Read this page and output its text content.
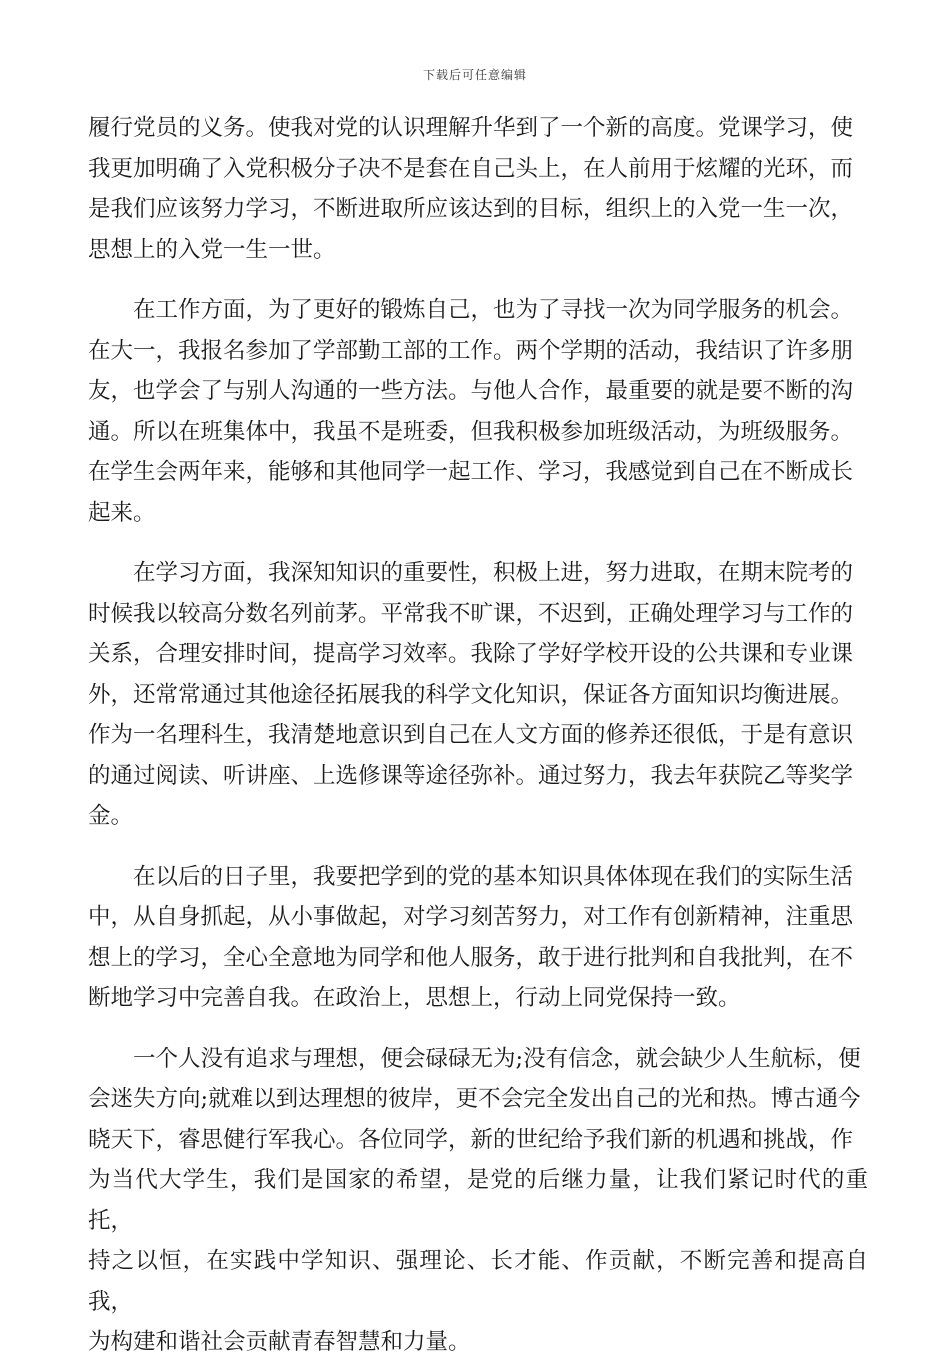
下载后可任意编辑

履行党员的义务。使我对党的认识理解升华到了一个新的高度。党课学习，使
我更加明确了入党积极分子决不是套在自己头上，在人前用于炫耀的光环，而
是我们应该努力学习，不断进取所应该达到的目标，组织上的入党一生一次，
思想上的入党一生一世。

　　在工作方面，为了更好的锻炼自己，也为了寻找一次为同学服务的机会。
在大一，我报名参加了学部勤工部的工作。两个学期的活动，我结识了许多朋
友，也学会了与别人沟通的一些方法。与他人合作，最重要的就是要不断的沟
通。所以在班集体中，我虽不是班委，但我积极参加班级活动，为班级服务。
在学生会两年来，能够和其他同学一起工作、学习，我感觉到自己在不断成长
起来。

　　在学习方面，我深知知识的重要性，积极上进，努力进取，在期末院考的
时候我以较高分数名列前茅。平常我不旷课，不迟到，正确处理学习与工作的
关系，合理安排时间，提高学习效率。我除了学好学校开设的公共课和专业课
外，还常常通过其他途径拓展我的科学文化知识，保证各方面知识均衡进展。
作为一名理科生，我清楚地意识到自己在人文方面的修养还很低，于是有意识
的通过阅读、听讲座、上选修课等途径弥补。通过努力，我去年获院乙等奖学
金。

　　在以后的日子里，我要把学到的党的基本知识具体体现在我们的实际生活
中，从自身抓起，从小事做起，对学习刻苦努力，对工作有创新精神，注重思
想上的学习，全心全意地为同学和他人服务，敢于进行批判和自我批判，在不
断地学习中完善自我。在政治上，思想上，行动上同党保持一致。

　　一个人没有追求与理想，便会碌碌无为;没有信念，就会缺少人生航标，便
会迷失方向;就难以到达理想的彼岸，更不会完全发出自己的光和热。博古通今
晓天下，睿思健行军我心。各位同学，新的世纪给予我们新的机遇和挑战，作
为当代大学生，我们是国家的希望，是党的后继力量，让我们紧记时代的重托，
持之以恒，在实践中学知识、强理论、长才能、作贡献，不断完善和提高自我，
为构建和谐社会贡献青春智慧和力量。
